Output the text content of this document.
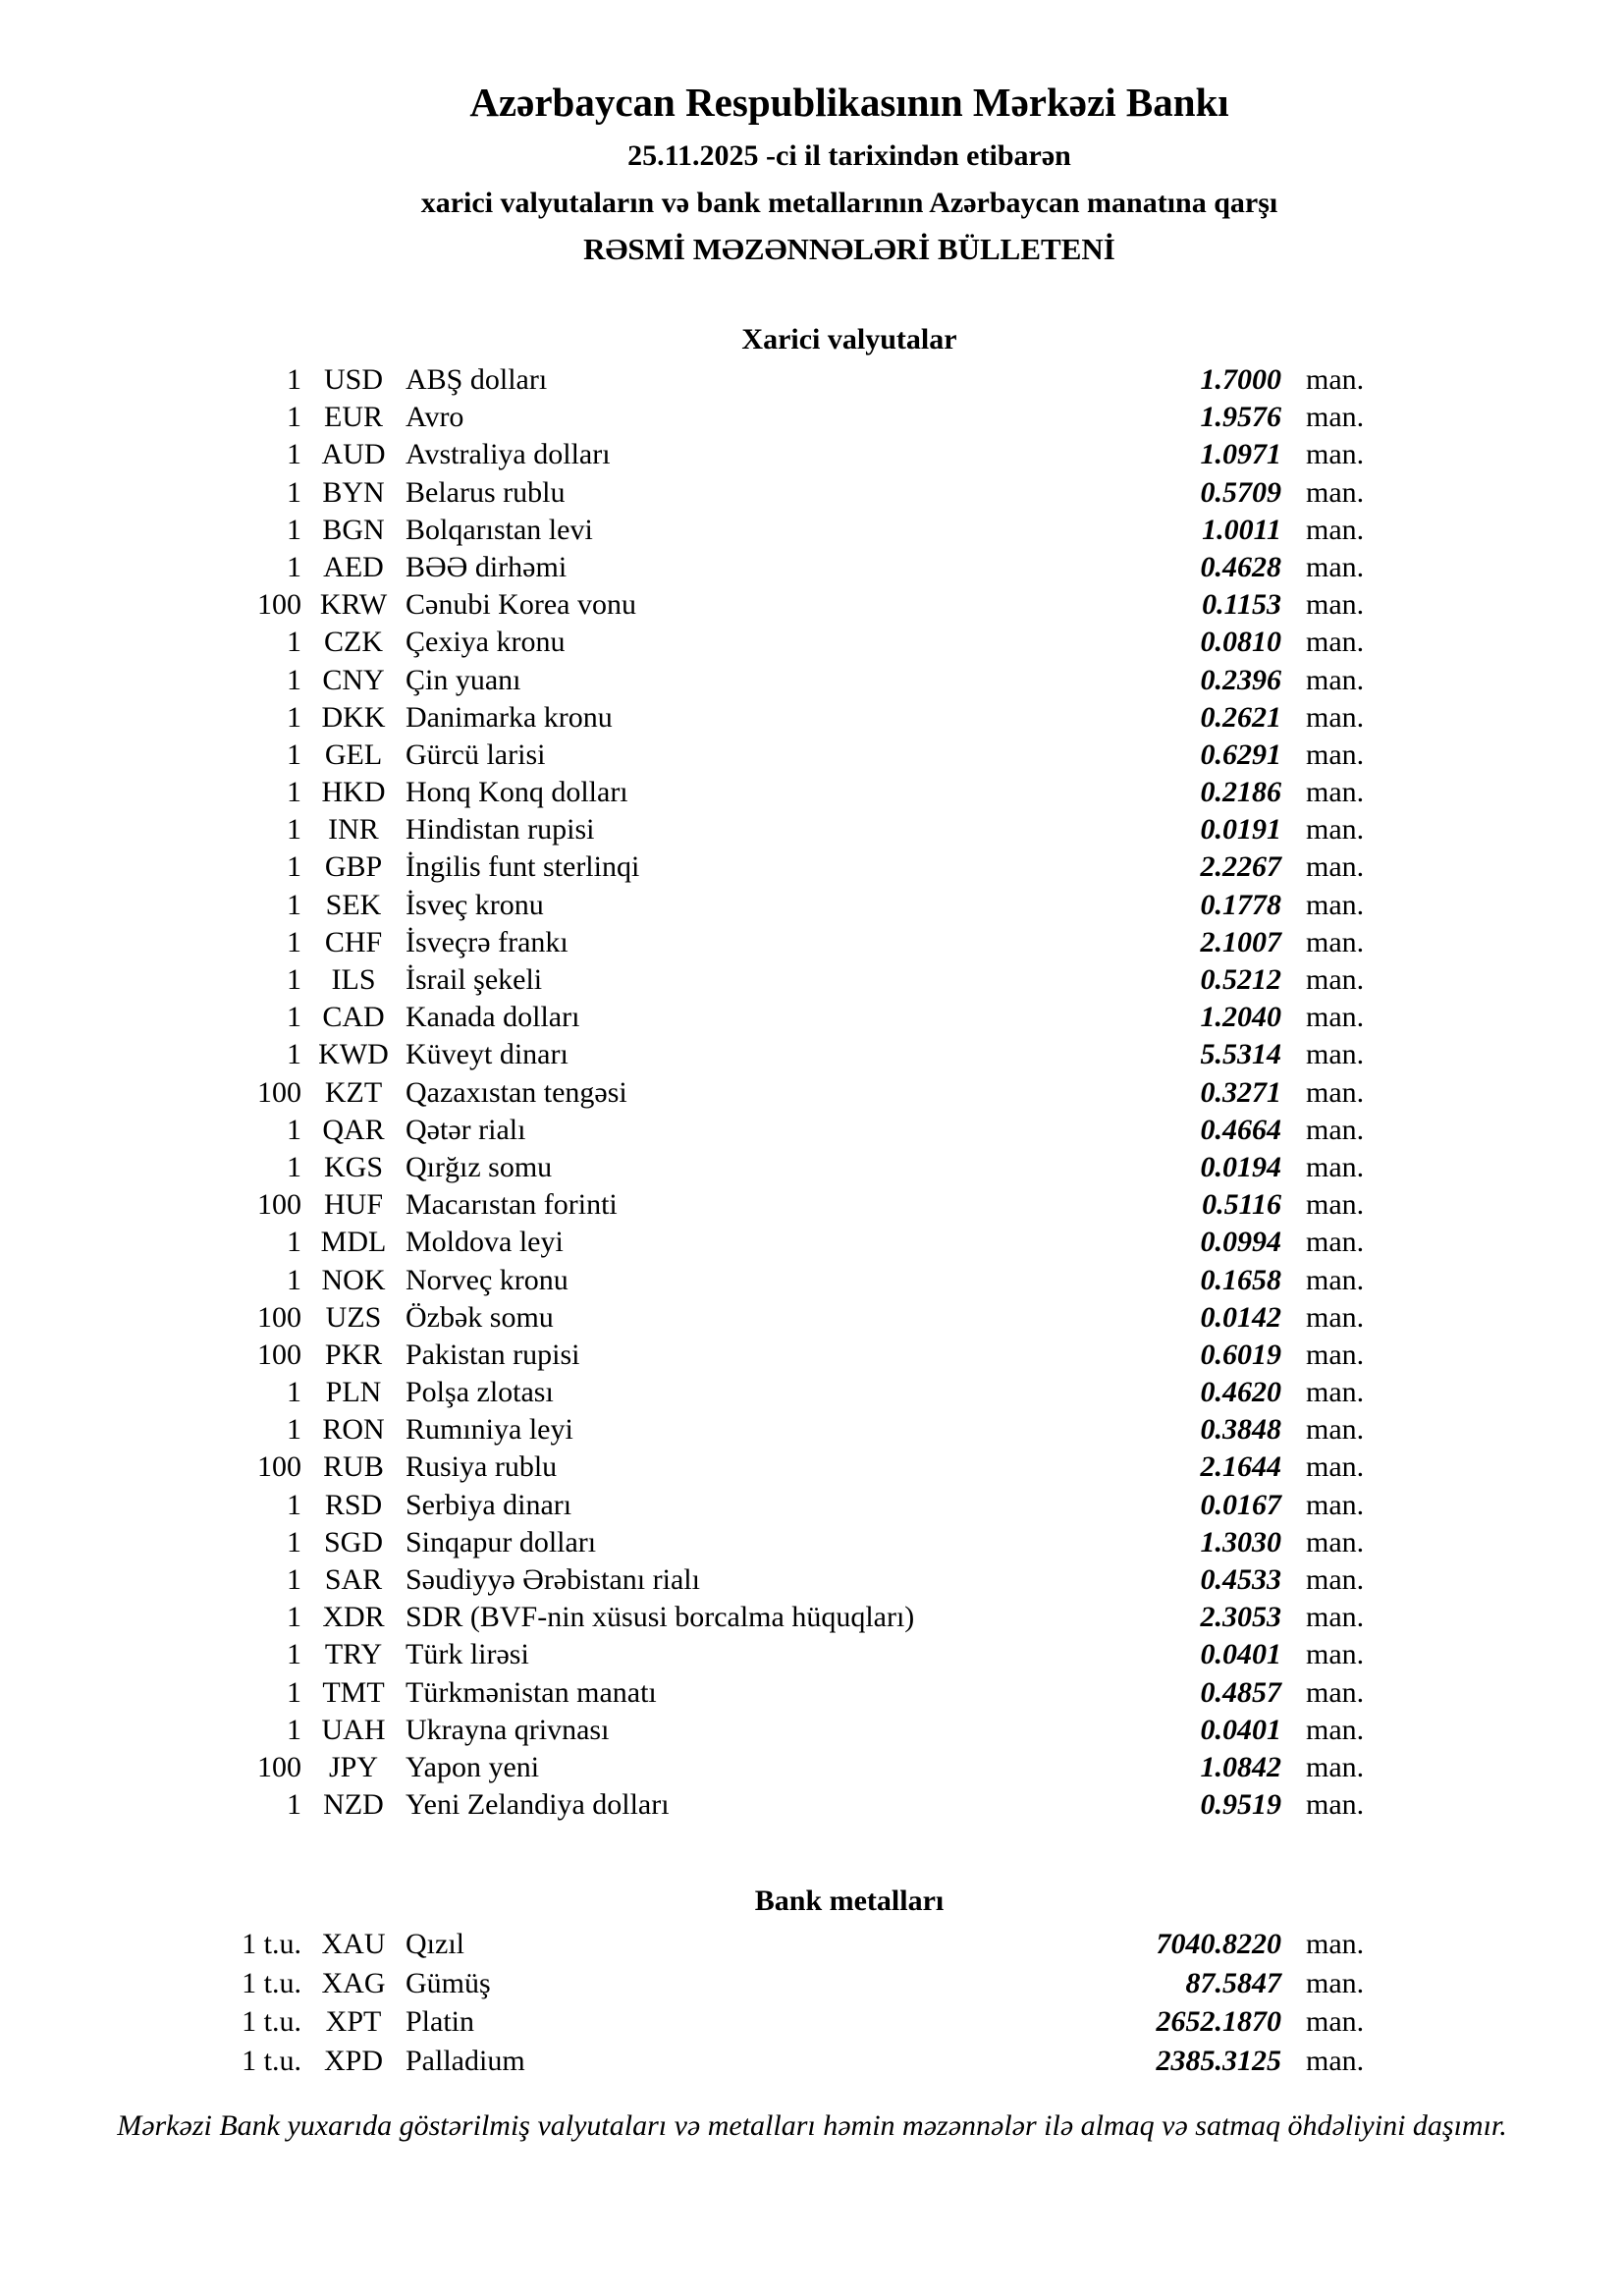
Azərbaycan Respublikasının Mərkəzi Bankı
25.11.2025 -ci il tarixindən etibarən
xarici valyutaların və bank metallarının Azərbaycan manatına qarşı
RƏSMİ MƏZƏNNƏLƏRİ BÜLLETENİ
Xarici valyutalar
1 USD ABŞ dolları	1.7000 man.
1 EUR Avro	1.9576 man.
1 AUD Avstraliya dolları	1.0971 man.
1 BYN Belarus rublu	0.5709 man.
1 BGN Bolqarıstan levi	1.0011 man.
1 AED BƏƏ dirhəmi	0.4628 man.
100 KRW Cənubi Korea vonu	0.1153 man.
1 CZK Çexiya kronu	0.0810 man.
1 CNY Çin yuanı	0.2396 man.
1 DKK Danimarka kronu	0.2621 man.
1 GEL Gürcü larisi	0.6291 man.
1 HKD Honq Konq dolları	0.2186 man.
1 INR Hindistan rupisi	0.0191 man.
1 GBP İngilis funt sterlinqi	2.2267 man.
1 SEK İsveç kronu	0.1778 man.
1 CHF İsveçrə frankı	2.1007 man.
1	ILS	İsrail şekeli	0.5212 man.
1 CAD Kanada dolları	1.2040 man.
1 KWD Küveyt dinarı	5.5314 man.
100 KZT Qazaxıstan tengəsi	0.3271 man.
1 QAR Qətər rialı	0.4664 man.
1 KGS Qırğız somu	0.0194 man.
100 HUF Macarıstan forinti	0.5116 man.
1 MDL Moldova leyi	0.0994 man.
1 NOK Norveç kronu	0.1658 man.
100 UZS Özbək somu	0.0142 man.
100 PKR Pakistan rupisi	0.6019 man.
1 PLN Polşa zlotası	0.4620 man.
1 RON Rumıniya leyi	0.3848 man.
100 RUB Rusiya rublu	2.1644 man.
1 RSD Serbiya dinarı	0.0167 man.
1 SGD Sinqapur dolları	1.3030 man.
1 SAR Səudiyyə Ərəbistanı rialı	0.4533 man.
1 XDR SDR (BVF-nin xüsusi borcalma hüquqları)	2.3053 man.
1 TRY Türk lirəsi	0.0401 man.
1 TMT Türkmənistan manatı	0.4857 man.
1 UAH Ukrayna qrivnası	0.0401 man.
100 JPY Yapon yeni	1.0842 man.
1 NZD Yeni Zelandiya dolları	0.9519 man.
Bank metalları
1 t.u. XAU Qızıl	7040.8220 man.
1 t.u. XAG Gümüş	87.5847 man.
1 t.u. XPT Platin	2652.1870 man.
1 t.u. XPD Palladium	2385.3125 man.
Mərkəzi Bank yuxarıda göstərilmiş valyutaları və metalları həmin məzənnələr ilə almaq və satmaq öhdəliyini daşımır.
